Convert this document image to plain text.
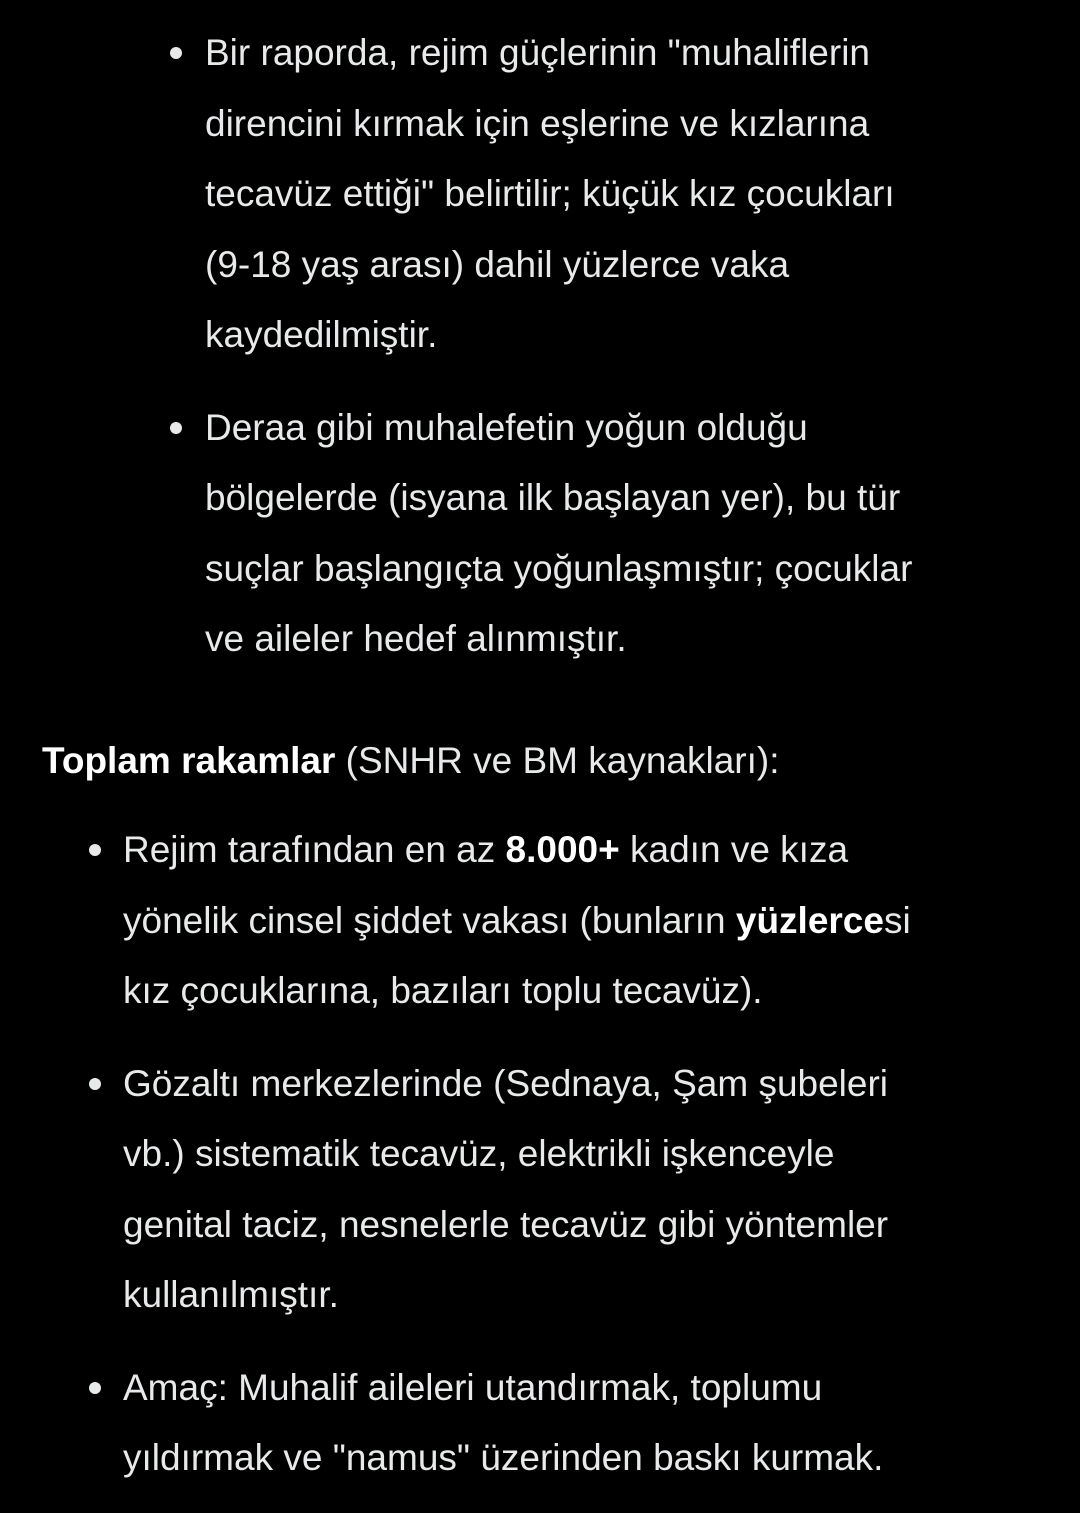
Bir raporda, rejim güçlerinin "muhaliflerin
direncini kırmak için eşlerine ve kızlarına
tecavüz ettiği" belirtilir; küçük kız çocukları
(9-18 yaş arası) dahil yüzlerce vaka
kaydedilmiştir.
Deraa gibi muhalefetin yoğun olduğu
bölgelerde (isyana ilk başlayan yer), bu tür
suçlar başlangıçta yoğunlaşmıştır; çocuklar
ve aileler hedef alınmıştır.

Toplam rakamlar (SNHR ve BM kaynakları):

Rejim tarafından en az 8.000+ kadın ve kıza
yönelik cinsel şiddet vakası (bunların yüzlercesi
kız çocuklarına, bazıları toplu tecavüz).
Gözaltı merkezlerinde (Sednaya, Şam şubeleri
vb.) sistematik tecavüz, elektrikli işkenceyle
genital taciz, nesnelerle tecavüz gibi yöntemler
kullanılmıştır.
Amaç: Muhalif aileleri utandırmak, toplumu
yıldırmak ve "namus" üzerinden baskı kurmak.
